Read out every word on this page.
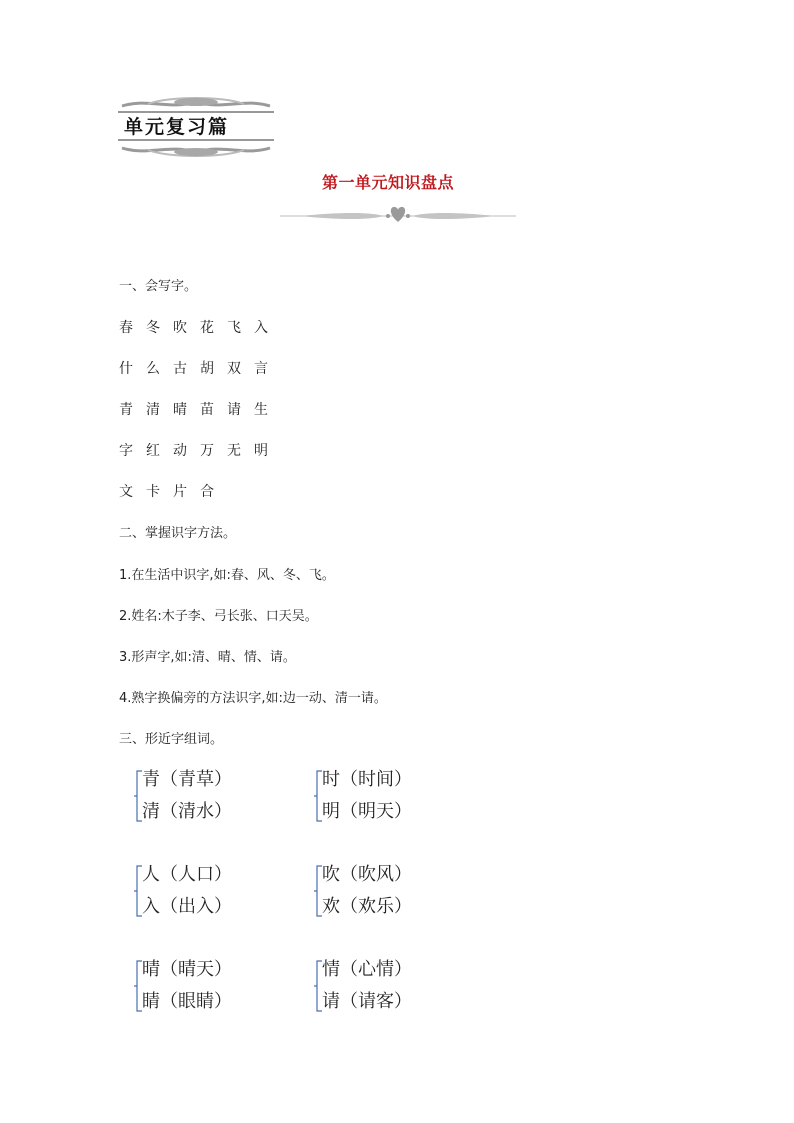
单元复习篇
第一单元知识盘点
一、会写字。
春 冬 吹 花 飞 入
什 么 古 胡 双 言
青 清 晴 苗 请 生
字 红 动 万 无 明
文 卡 片 合
二、掌握识字方法。
1.在生活中识字,如:春、风、冬、飞。
2.姓名:木子李、弓长张、口天吴。
3.形声字,如:清、晴、情、请。
4.熟字换偏旁的方法识字,如:边一动、清一请。
三、形近字组词。
青（青草）
清（清水）
时（时间）
明（明天）
人（人口）
入（出入）
吹（吹风）
欢（欢乐）
晴（晴天）
睛（眼睛）
情（心情）
请（请客）
